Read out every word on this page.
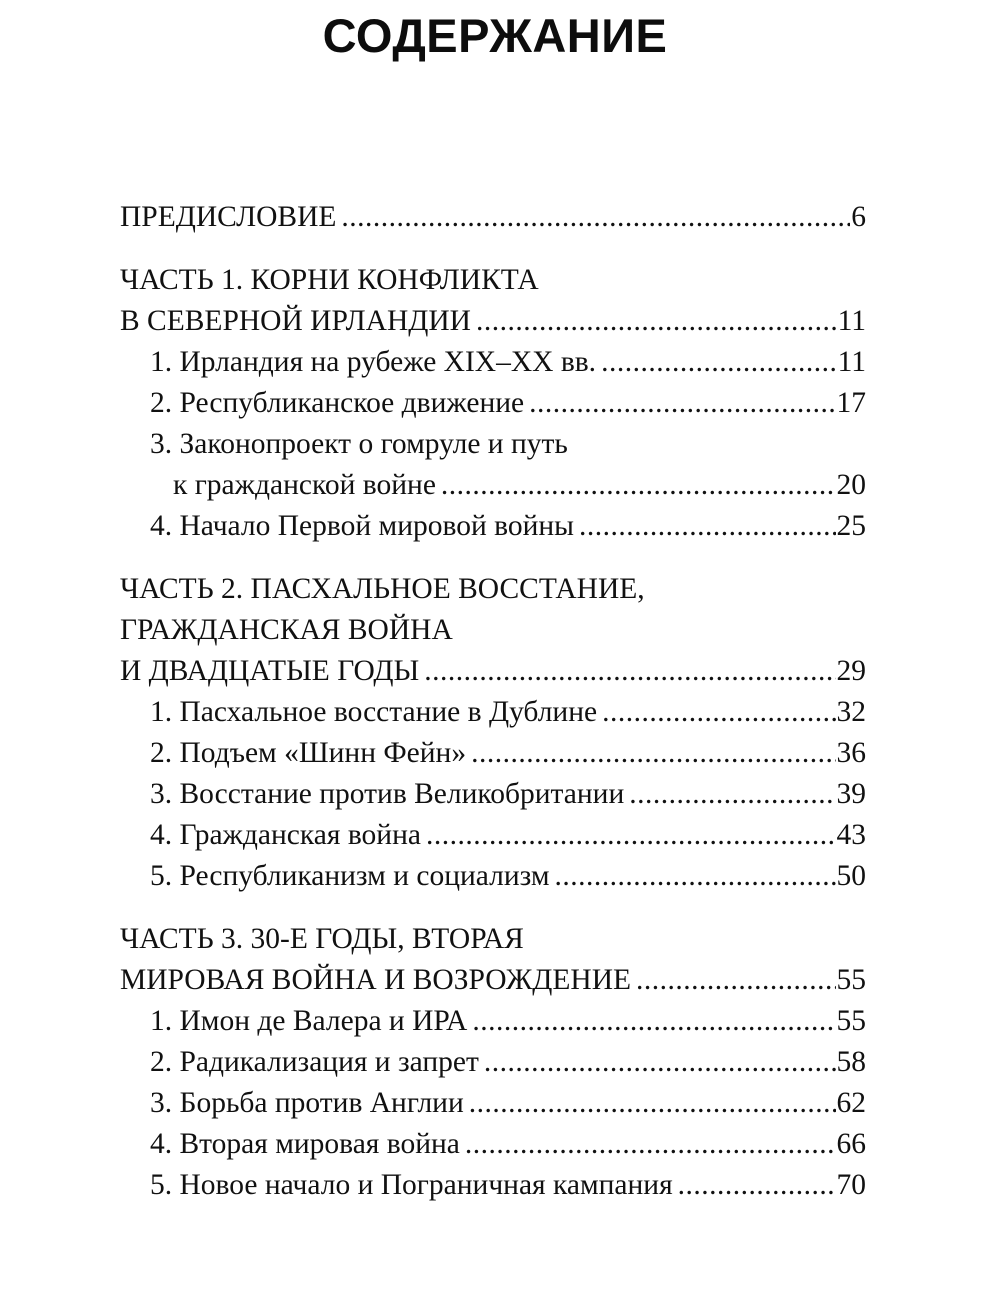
СОДЕРЖАНИЕ
ПРЕДИСЛОВИЕ .....	6
ЧАСТЬ 1. КОРНИ КОНФЛИКТА
В СЕВЕРНОЙ ИРЛАНДИИ .....	11
1. Ирландия на рубеже XIX–XX вв. .....	11
2. Республиканское движение .....	17
3. Законопроект о гомруле и путь
к гражданской войне .....	20
4. Начало Первой мировой войны .....	25
ЧАСТЬ 2. ПАСХАЛЬНОЕ ВОССТАНИЕ,
ГРАЖДАНСКАЯ ВОЙНА
И ДВАДЦАТЫЕ ГОДЫ .....	29
1. Пасхальное восстание в Дублине .....	32
2. Подъем «Шинн Фейн» .....	36
3. Восстание против Великобритании .....	39
4. Гражданская война .....	43
5. Республиканизм и социализм .....	50
ЧАСТЬ 3. 30-Е ГОДЫ, ВТОРАЯ
МИРОВАЯ ВОЙНА И ВОЗРОЖДЕНИЕ .....	55
1. Имон де Валера и ИРА .....	55
2. Радикализация и запрет .....	58
3. Борьба против Англии .....	62
4. Вторая мировая война .....	66
5. Новое начало и Пограничная кампания .....	70
